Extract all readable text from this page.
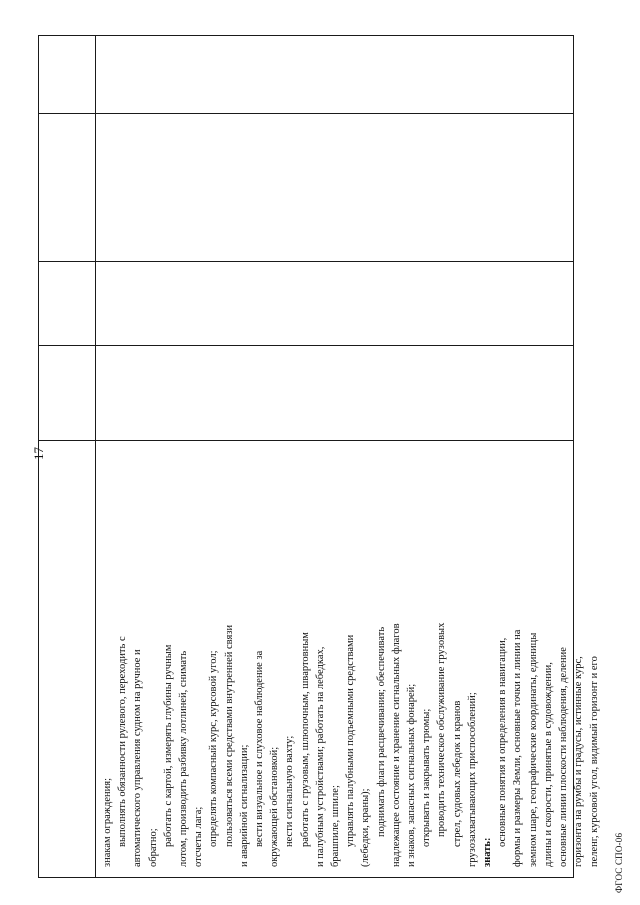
17
знакам ограждения; выполнять обязанности рулевого, переходить с автоматического управления судном на ручное и обратно;
работать с картой, измерять глубины ручным лотом, производить разбивку лотлиней, снимать отсчеты лага; определять компасный курс, курсовой угол; пользоваться всеми средствами внутренней связи и аварийной сигнализации; вести визуальное и слуховое наблюдение за окружающей обстановкой; нести сигнальную вахту; работать с грузовым, шлюпочным, швартовным и палубным устройствами; работать на лебедках, брашпиле, шпиле; управлять палубными подъемными средствами (лебедки, краны); поднимать флаги расцвечивания; обеспечивать надлежащее состояние и хранение сигнальных флагов и знаков, запасных сигнальных фонарей; открывать и закрывать трюмы; проводить техническое обслуживание грузовых стрел, судовых лебедок и кранов грузозахватывающих приспособлений; знать:
основные понятия и определения в навигации, формы и размеры Земли, основные точки и линии на земном шаре, географические координаты, единицы длины и скорости, принятые в судовождении, основные линии плоскости наблюдения, деление горизонта на румбы и градусы, истинные курс, пеленг, курсовой угол, видимый горизонт и его ФГОС СПО-06
